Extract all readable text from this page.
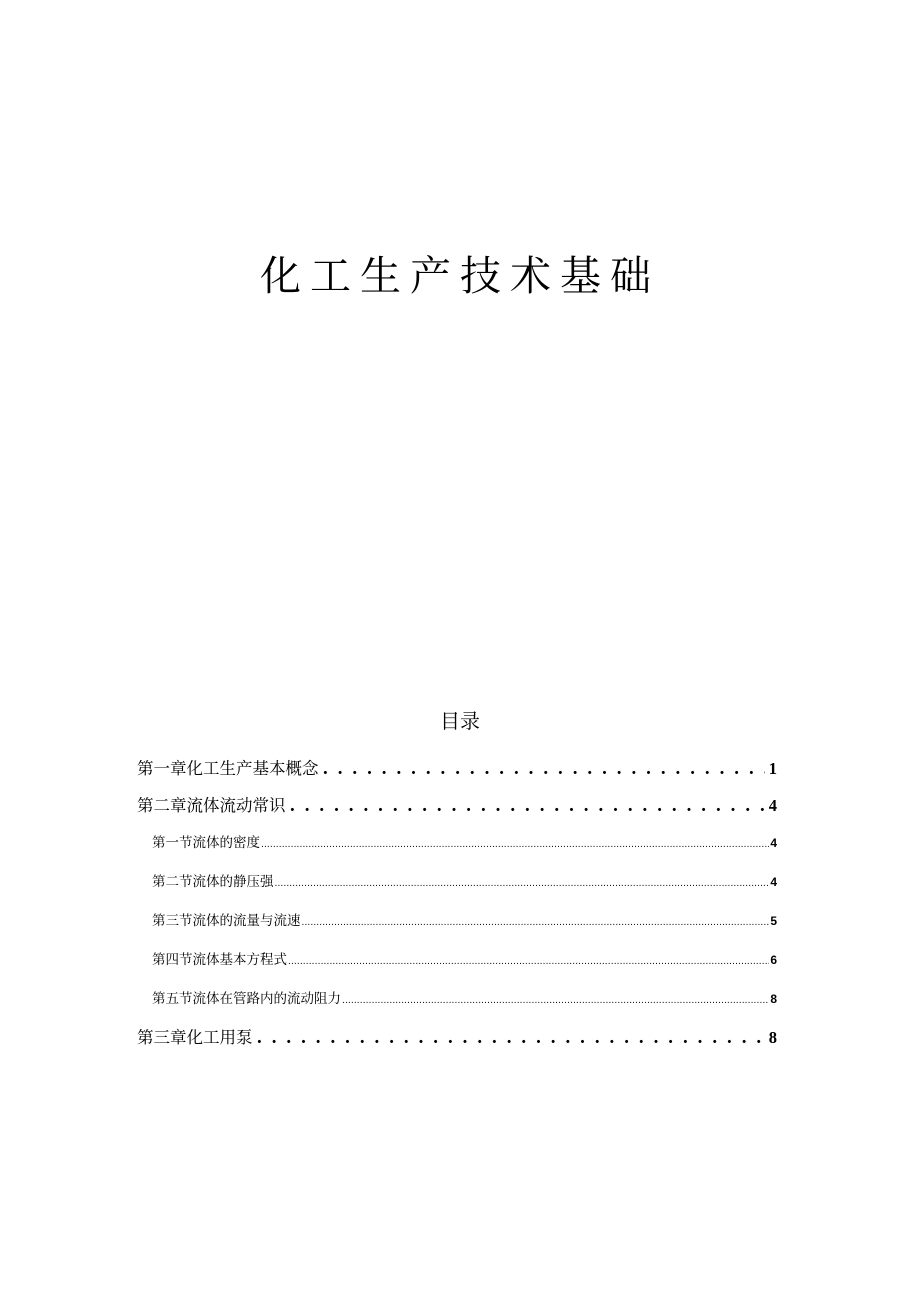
化工生产技术基础
目录
第一章化工生产基本概念 . . .	1
第二章流体流动常识 . . .	4
第一节流体的密度 .....	4
第二节流体的静压强 .....	4
第三节流体的流量与流速 .....	5
第四节流体基本方程式 .....	6
第五节流体在管路内的流动阻力 .....	8
第三章化工用泵 . . .	8
